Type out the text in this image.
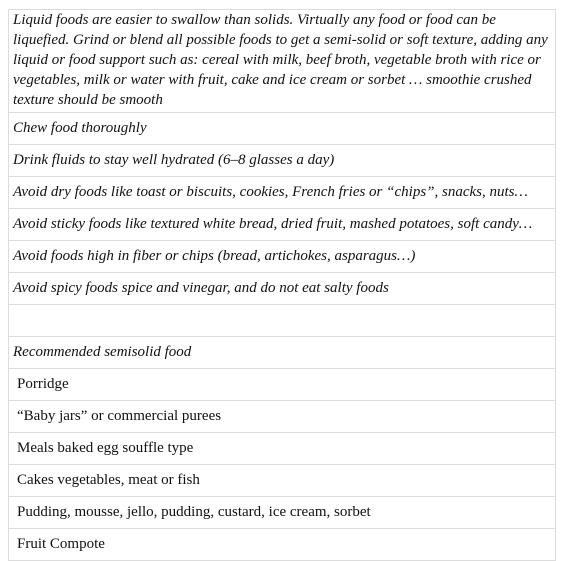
Liquid foods are easier to swallow than solids. Virtually any food or food can be liquefied. Grind or blend all possible foods to get a semi-solid or soft texture, adding any liquid or food support such as: cereal with milk, beef broth, vegetable broth with rice or vegetables, milk or water with fruit, cake and ice cream or sorbet … smoothie crushed texture should be smooth
Chew food thoroughly
Drink fluids to stay well hydrated (6–8 glasses a day)
Avoid dry foods like toast or biscuits, cookies, French fries or “chips”, snacks, nuts…
Avoid sticky foods like textured white bread, dried fruit, mashed potatoes, soft candy…
Avoid foods high in fiber or chips (bread, artichokes, asparagus…)
Avoid spicy foods spice and vinegar, and do not eat salty foods

Recommended semisolid food
Porridge
“Baby jars” or commercial purees
Meals baked egg souffle type
Cakes vegetables, meat or fish
Pudding, mousse, jello, pudding, custard, ice cream, sorbet
Fruit Compote
